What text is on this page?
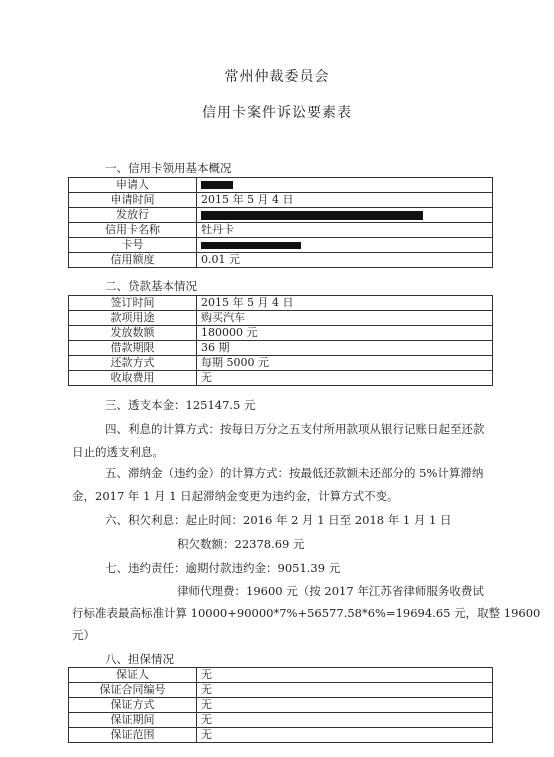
常州仲裁委员会
信用卡案件诉讼要素表
一、信用卡领用基本概况
申请人	
申请时间	2015 年 5 月 4 日
发放行	
信用卡名称	牡丹卡
卡号	
信用额度	0.01 元
二、贷款基本情况
签订时间	2015 年 5 月 4 日
款项用途	购买汽车
发放数额	180000 元
借款期限	36 期
还款方式	每期 5000 元
收取费用	无
三、透支本金：125147.5 元
四、利息的计算方式：按每日万分之五支付所用款项从银行记账日起至还款
日止的透支利息。
五、滞纳金（违约金）的计算方式：按最低还款额未还部分的 5%计算滞纳
金，2017 年 1 月 1 日起滞纳金变更为违约金，计算方式不变。
六、积欠利息：起止时间：2016 年 2 月 1 日至 2018 年 1 月 1 日
积欠数额：22378.69 元
七、违约责任：逾期付款违约金：9051.39 元
律师代理费：19600 元（按 2017 年江苏省律师服务收费试
行标准表最高标准计算 10000+90000*7%+56577.58*6%=19694.65 元，取整 19600
元）
八、担保情况
保证人	无
保证合同编号	无
保证方式	无
保证期间	无
保证范围	无
